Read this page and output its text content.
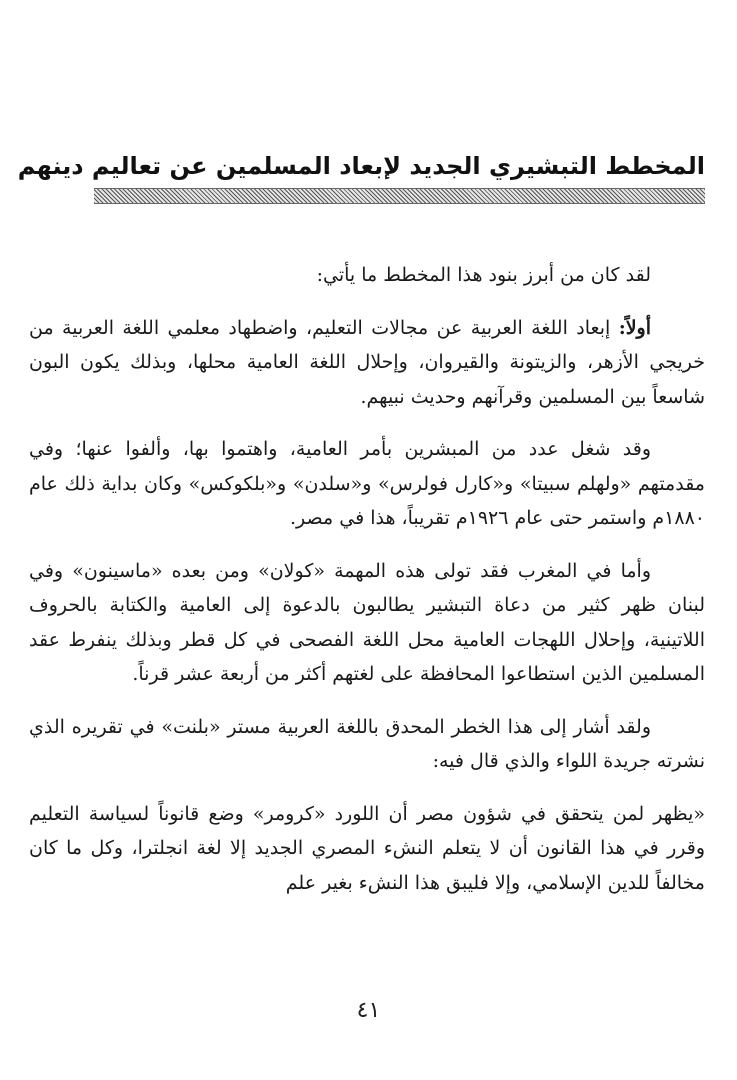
المخطط التبشيري الجديد لإبعاد المسلمين عن تعاليم دينهم

لقد كان من أبرز بنود هذا المخطط ما يأتي:

أولاً: إبعاد اللغة العربية عن مجالات التعليم، واضطهاد معلمي اللغة العربية من خريجي الأزهر، والزيتونة والقيروان، وإحلال اللغة العامية محلها، وبذلك يكون البون شاسعاً بين المسلمين وقرآنهم وحديث نبيهم.

وقد شغل عدد من المبشرين بأمر العامية، واهتموا بها، وألفوا عنها؛ وفي مقدمتهم «ولهلم سبيتا» و«كارل فولرس» و«سلدن» و«بلكوكس» وكان بداية ذلك عام ١٨٨٠م واستمر حتى عام ١٩٢٦م تقريباً، هذا في مصر.

وأما في المغرب فقد تولى هذه المهمة «كولان» ومن بعده «ماسينون» وفي لبنان ظهر كثير من دعاة التبشير يطالبون بالدعوة إلى العامية والكتابة بالحروف اللاتينية، وإحلال اللهجات العامية محل اللغة الفصحى في كل قطر وبذلك ينفرط عقد المسلمين الذين استطاعوا المحافظة على لغتهم أكثر من أربعة عشر قرناً.

ولقد أشار إلى هذا الخطر المحدق باللغة العربية مستر «بلنت» في تقريره الذي نشرته جريدة اللواء والذي قال فيه:

«يظهر لمن يتحقق في شؤون مصر أن اللورد «كرومر» وضع قانوناً لسياسة التعليم وقرر في هذا القانون أن لا يتعلم النشء المصري الجديد إلا لغة انجلترا، وكل ما كان مخالفاً للدين الإسلامي، وإلا فليبق هذا النشء بغير علم

٤١
